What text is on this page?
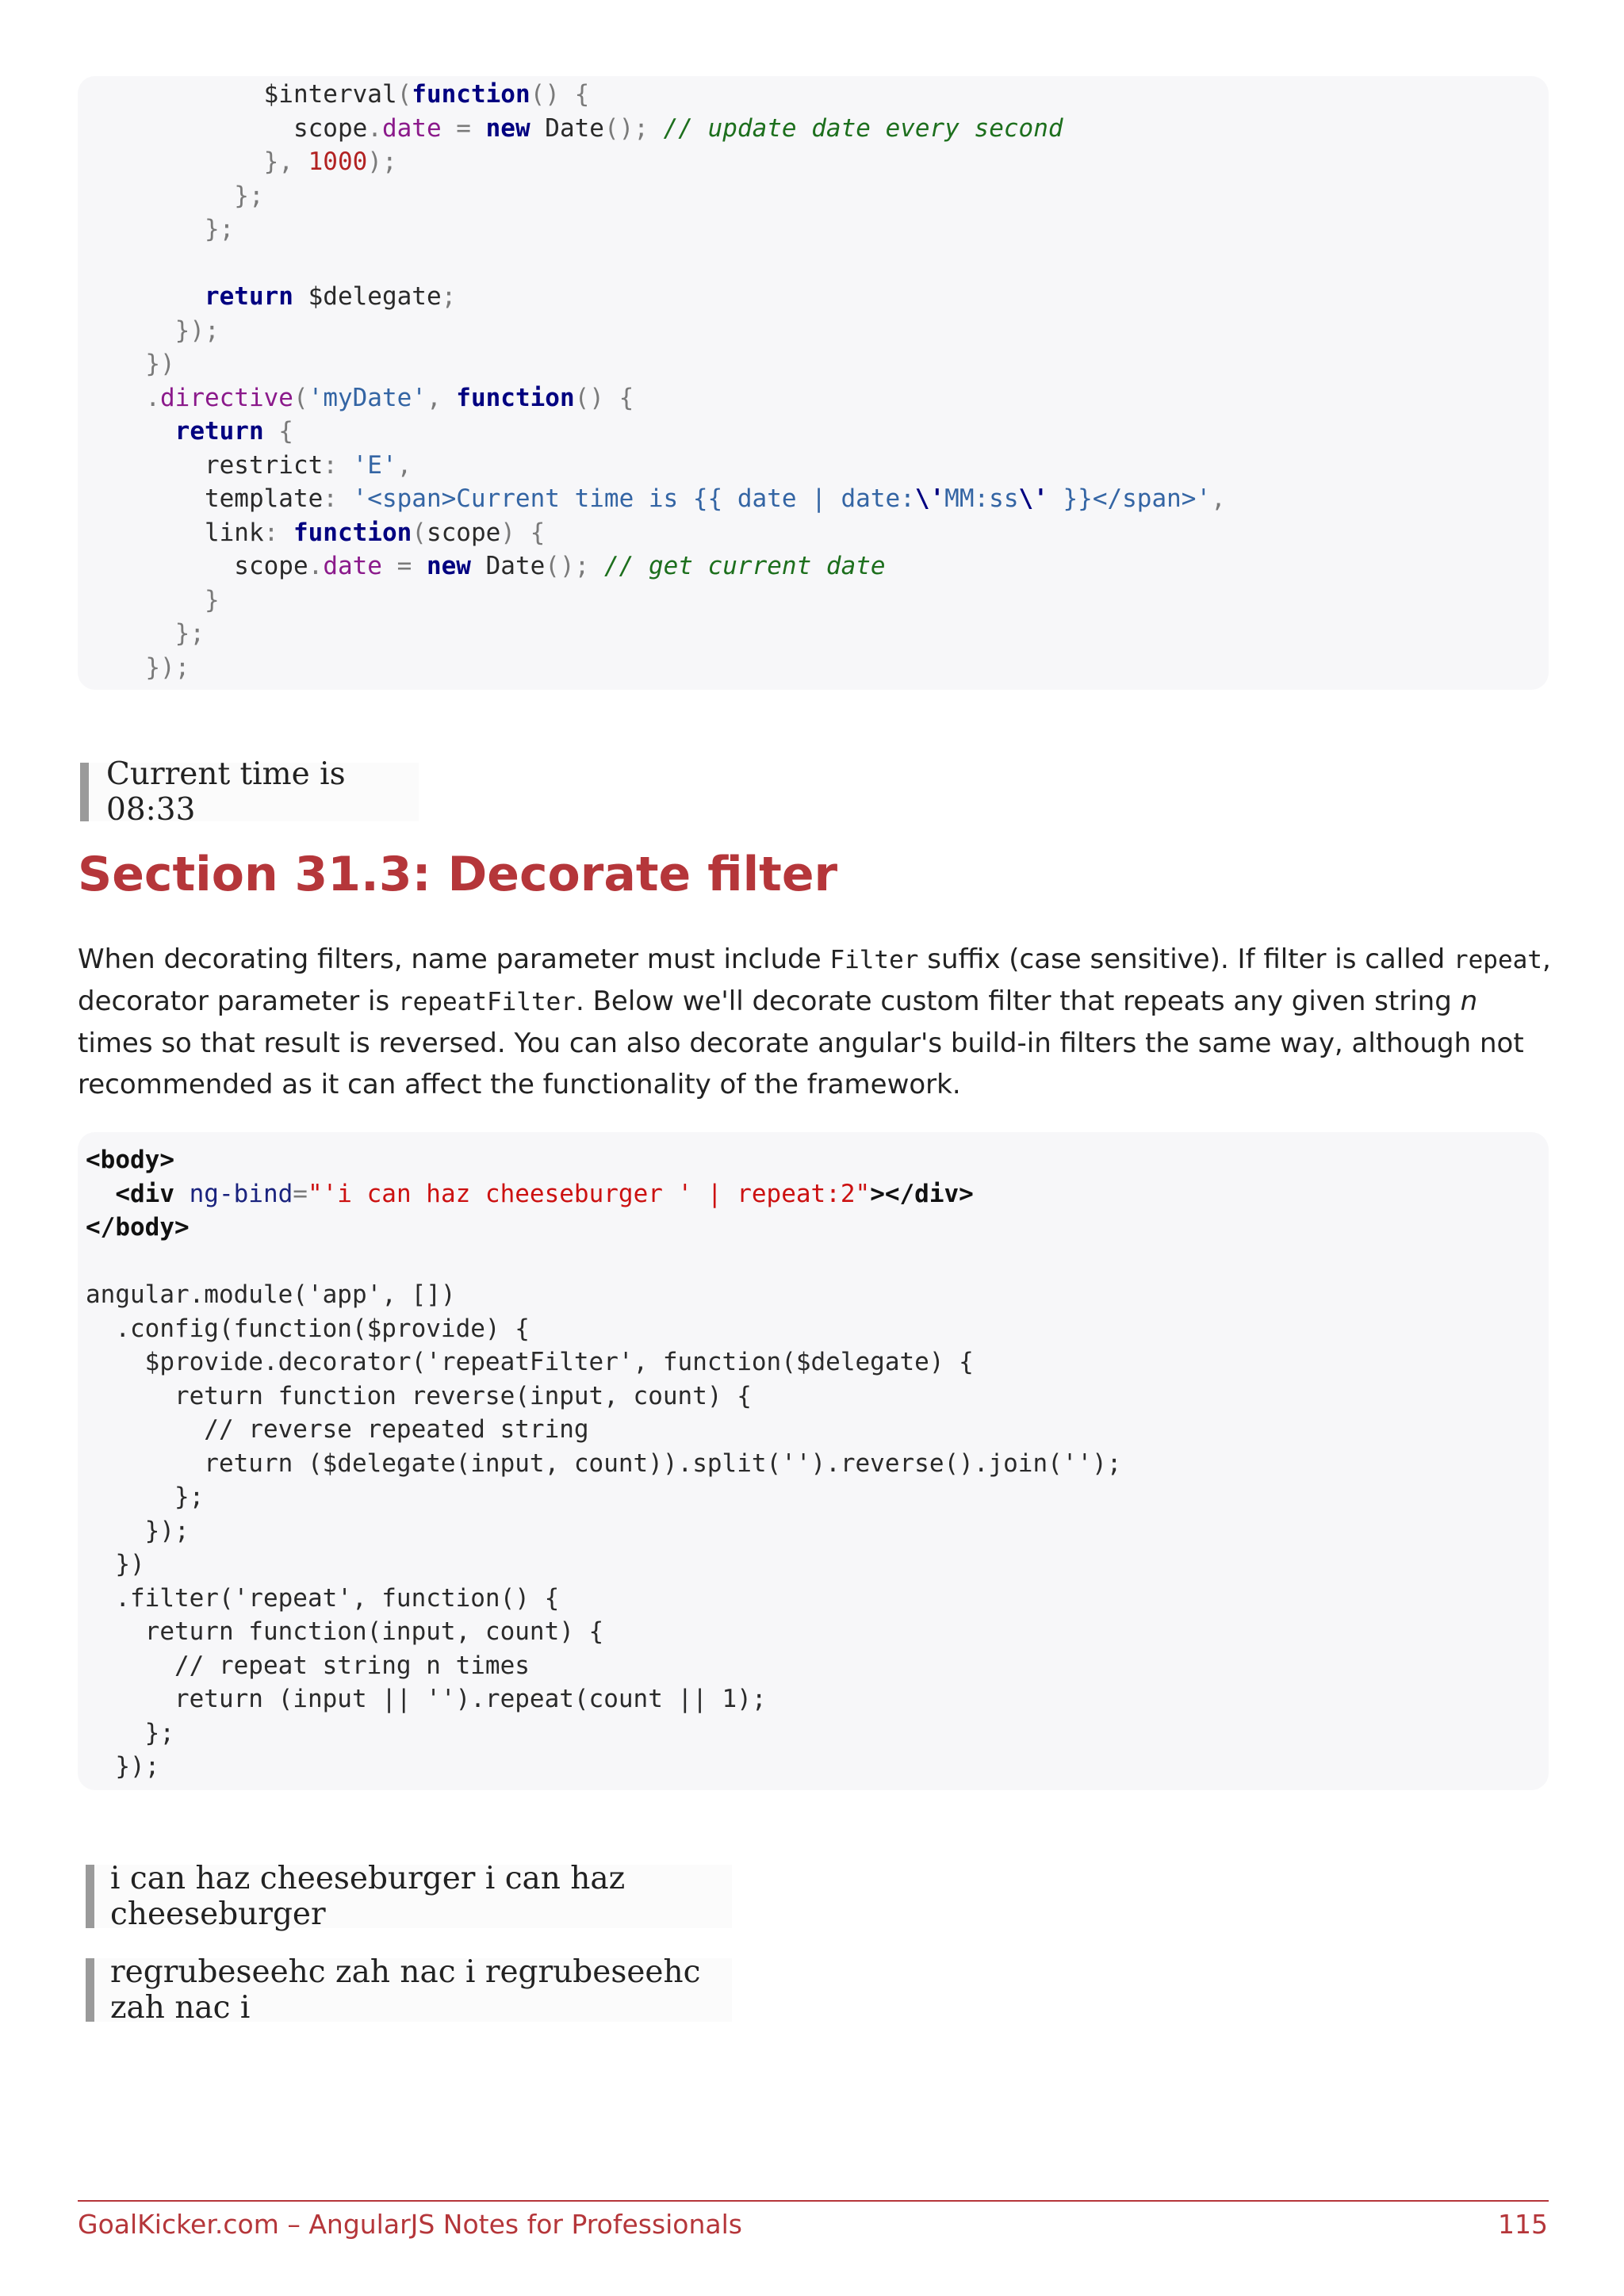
$interval(function() {
scope.date = new Date(); // update date every second
}, 1000);
};
};

return $delegate;
});
})
.directive('myDate', function() {
return {
restrict: 'E',
template: '<span>Current time is {{ date | date:\'MM:ss\' }}</span>',
link: function(scope) {
scope.date = new Date(); // get current date
}
};
});
Current time is 08:33
Section 31.3: Decorate filter
When decorating filters, name parameter must include Filter suffix (case sensitive). If filter is called repeat, decorator parameter is repeatFilter. Below we'll decorate custom filter that repeats any given string n times so that result is reversed. You can also decorate angular's build-in filters the same way, although not recommended as it can affect the functionality of the framework.
<body>
<div ng-bind="'i can haz cheeseburger ' | repeat:2"></div>
</body>

angular.module('app', [])
.config(function($provide) {
$provide.decorator('repeatFilter', function($delegate) {
return function reverse(input, count) {
// reverse repeated string
return ($delegate(input, count)).split('').reverse().join('');
};
});
})
.filter('repeat', function() {
return function(input, count) {
// repeat string n times
return (input || '').repeat(count || 1);
};
});
i can haz cheeseburger i can haz cheeseburger
regrubeseehc zah nac i regrubeseehc zah nac i
GoalKicker.com – AngularJS Notes for Professionals	115
